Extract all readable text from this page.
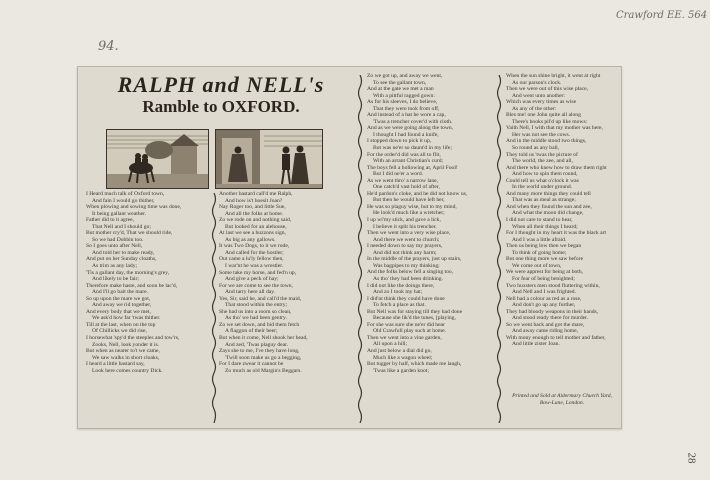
94.
Crawford EE. 564
28
RALPH and NELL's
Ramble to OXFORD.
I Heard much talk of Oxford town,
And fain I would go thither,
When plowing and sowing time was done,
It being gallant weather.
Father did to it agree,
That Nell and I should go;
But mother cry'd, That we should ride,
So we had Dobbin too.
So I goes unto after Nell,
And told her to make ready,
And put on her Sunday cloaths,
As trim as any lady;
'Tis a gallant day, the morning's grey,
And likely to be fair;
Therefore make haste, and soon be lac'd,
And I'll go bait the mare.
So up upon the mare we got,
And away we rid together,
And every body that we met,
We ask'd how far 'twas thither.
Till at the last, when on the top
Of Chillicks we did rise,
I horsewhat 'spy'd the steeples and tow'rs,
Zooks, Nell, look yonder it is.
But when as nearer to't we came,
We saw walks in short cloaks,
I heard a little bastard say,
Look here comes country Dick.
Another bastard call'd me Ralph,
And how is't hoesit Joan?
Nay Roger too, and little Sue,
And all the folks at home.
Zo we rode on and nothing said,
But looked for an alehouse,
At last we see a huzzons sign,
As big as any gallows.
It was Two Dogs, to it we rode,
And called for the hostler;
Out came a lu'ly fellow then,
I war'nt he was a wrestler.
Some take my horse, and fed'n up,
And give a peck of hay;
For we are come to see the town,
And tarry here all day.
Yes, Sir, said he, and call'd the maid,
That stood within the entry;
She had us into a room so clean,
As tho' we had been gentry.
Zo we set down, and bid them fetch
A flaggon of their beer;
But when it come, Nell shook her head,
And zed, 'Twas plaguy dear.
Zays she to me, I've they have long,
'Twill soon make us go a begging,
For I dare zwear it cannot be
Zo much as old Margin's Beggars.
Zo we got up, and away we went,
To see the gallant town,
And at the gate we met a man
With a pittful ragged gown:
As for his sleeves, I do believe,
That they were took from off,
And instead of a hat he wore a cap,
'Twas a trencher cover'd with cloth.
And as we were going along the town,
I thought I had found a knife,
I stopped down to pick it up,
But was ne'er so daunt'd in my life;
For the order'd did was all to flit,
With an arrant Christian's curd;
The boys fell a hollowing at, April Fool!
But I did ne'er a word.
As we went thro' a narrow lane,
One catch'd vast hold of after,
He'd pardon's cloke, and he did not know us,
But then he would have left her,
He was so plaguy wise, but to my mind,
He look'd much like a wretcher;
I up wi'my stick, and gave a lick,
I believe it split his trencher.
Then we went into a very wise place,
And there we went to church;
I needed down to say my prayers,
And did not think any harm;
In the middle of the prayers, just up stairs,
Was bagpipes to my thinking;
And the folks below fell a singing too,
As tho' they had been drinking.
I did not like the doings there,
And zo I took my hat;
I did'nt think they could have done
To fetch a place as that.
But Nell was for staying till they had done
Because she lik'd the tunes, [playing,
For she was sure she ne'er did hear
Old Crawfull play such at home.
Then we went into a vine garden,
All upon a hill;
And just below a dial did go,
Much like a wagon wheel;
But tugger by half, which made me laugh,
'Twas like a garden knot;
When the sun shine bright, it went at right
As our parson's clock.
Then we were out of this wise place,
And went unto another:
Which was every times as wise
As any of the other:
Bles me! one John quite all along
There's books pil'd up like mows:
Vaith Nell, I with that my mother was here,
Her was not see the cows.
And in the middle stood two things,
So round as any ball,
They told us 'twas the picture of
The world, the zee, and all,
And there who knew how to draw them right
And how to spin them round,
Could tell us what o'clock it was
In the world under ground.
And many more things they could tell
That was as meal as strange;
And when they found the sun and zee,
And what the moon did change,
I did not care to stand to hear,
When all their things I heard;
For I thought in my heart it was the black art
And I was a little afraid.
Then us being low then we began
To think of going home;
But one thing more we saw before
We come out of town,
We were apprest for being at both,
For fear of being benighted;
Two huxsters men stood fluttering within,
And Nell and I was frighted.
Nell had a colour as red as a rose,
And don't go up any further,
They had bloody weapons in their hands,
And stood ready there for murder.
So we went back and got the mare,
And away came riding home,
With mony enough to tell mother and father,
And little zister Joan.
Printed and Sold at Aldermary Church Yard,
Bow-Lane, London.
